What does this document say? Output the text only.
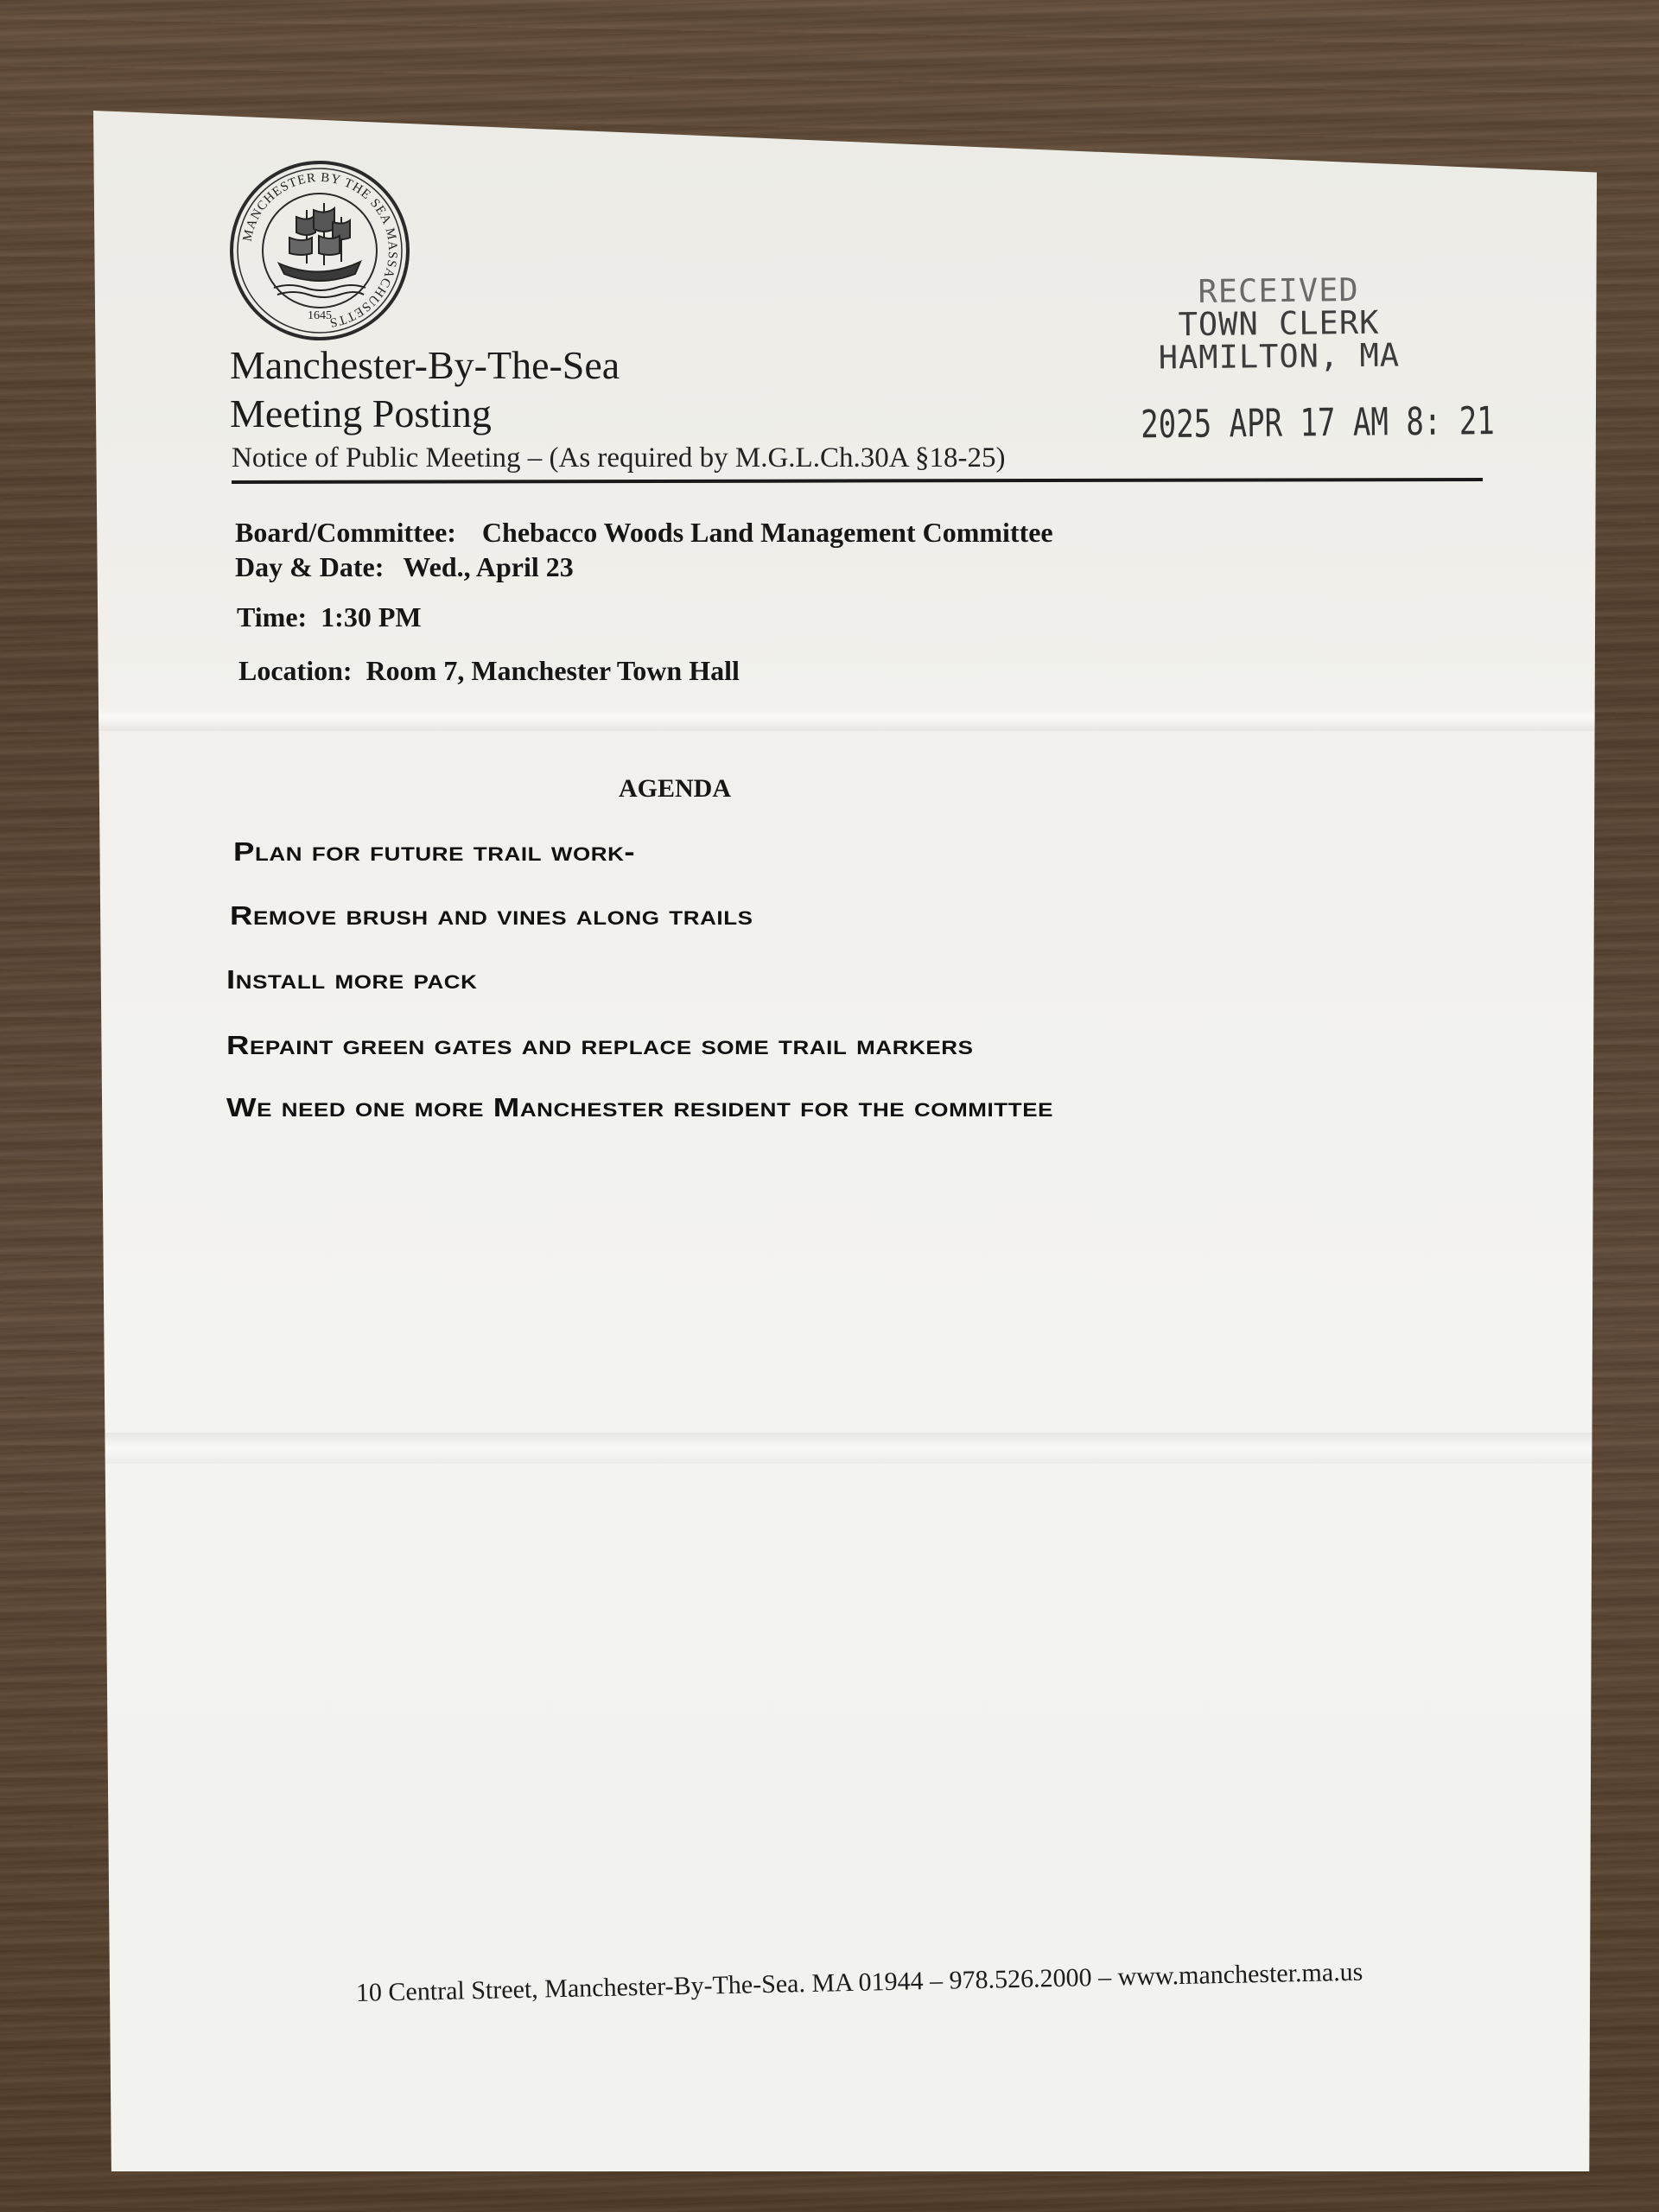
MANCHESTER BY THE SEA MASSACHUSETTS
1645
Manchester-By-The-Sea
Meeting Posting
Notice of Public Meeting – (As required by M.G.L.Ch.30A §18-25)
RECEIVED
TOWN CLERK
HAMILTON, MA
2025 APR 17 AM 8: 21
Board/Committee: Chebacco Woods Land Management Committee
Day & Date: Wed., April 23
Time: 1:30 PM
Location: Room 7, Manchester Town Hall
AGENDA
Plan for future trail work-
Remove brush and vines along trails
Install more pack
Repaint green gates and replace some trail markers
We need one more Manchester resident for the committee
10 Central Street, Manchester-By-The-Sea. MA 01944 – 978.526.2000 – www.manchester.ma.us
